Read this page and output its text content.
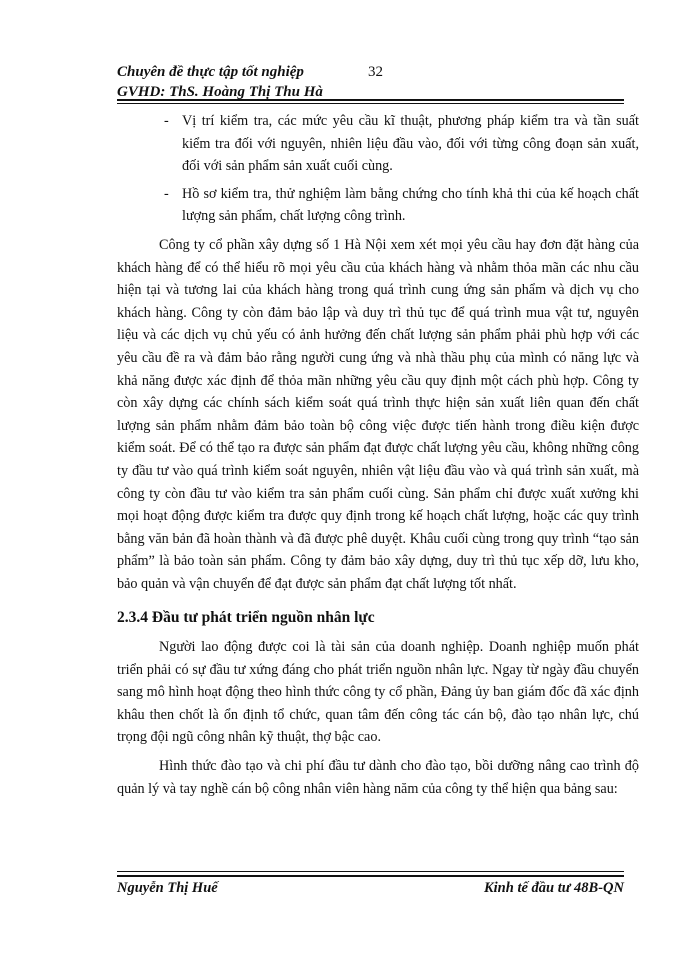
Chuyên đề thực tập tốt nghiệp	32
GVHD: ThS. Hoàng Thị Thu Hà
- Vị trí kiểm tra, các mức yêu cầu kĩ thuật, phương pháp kiểm tra và tần suất kiểm tra đối với nguyên, nhiên liệu đầu vào, đối với từng công đoạn sản xuất, đối với sản phẩm sản xuất cuối cùng.
- Hồ sơ kiểm tra, thử nghiệm làm bằng chứng cho tính khả thi của kế hoạch chất lượng sản phẩm, chất lượng công trình.

Công ty cổ phần xây dựng số 1 Hà Nội xem xét mọi yêu cầu hay đơn đặt hàng của khách hàng để có thể hiểu rõ mọi yêu cầu của khách hàng và nhằm thỏa mãn các nhu cầu hiện tại và tương lai của khách hàng trong quá trình cung ứng sản phẩm và dịch vụ cho khách hàng. Công ty còn đảm bảo lập và duy trì thủ tục để quá trình mua vật tư, nguyên liệu và các dịch vụ chủ yếu có ảnh hưởng đến chất lượng sản phẩm phải phù hợp với các yêu cầu đề ra và đảm bảo rằng người cung ứng và nhà thầu phụ của mình có năng lực và khả năng được xác định để thỏa mãn những yêu cầu quy định một cách phù hợp. Công ty còn xây dựng các chính sách kiểm soát quá trình thực hiện sản xuất liên quan đến chất lượng sản phẩm nhằm đảm bảo toàn bộ công việc được tiến hành trong điều kiện được kiểm soát. Để có thể tạo ra được sản phẩm đạt được chất lượng yêu cầu, không những công ty đầu tư vào quá trình kiểm soát nguyên, nhiên vật liệu đầu vào và quá trình sản xuất, mà công ty còn đầu tư vào kiểm tra sản phẩm cuối cùng. Sản phẩm chỉ được xuất xưởng khi mọi hoạt động được kiểm tra được quy định trong kế hoạch chất lượng, hoặc các quy trình bằng văn bản đã hoàn thành và đã được phê duyệt. Khâu cuối cùng trong quy trình “tạo sản phẩm” là bảo toàn sản phẩm. Công ty đảm bảo xây dựng, duy trì thủ tục xếp dỡ, lưu kho, bảo quản và vận chuyển để đạt được sản phẩm đạt chất lượng tốt nhất.

2.3.4 Đầu tư phát triển nguồn nhân lực

Người lao động được coi là tài sản của doanh nghiệp. Doanh nghiệp muốn phát triển phải có sự đầu tư xứng đáng cho phát triển nguồn nhân lực. Ngay từ ngày đầu chuyển sang mô hình hoạt động theo hình thức công ty cổ phần, Đảng ủy ban giám đốc đã xác định khâu then chốt là ổn định tổ chức, quan tâm đến công tác cán bộ, đào tạo nhân lực, chú trọng đội ngũ công nhân kỹ thuật, thợ bậc cao.

Hình thức đào tạo và chi phí đầu tư dành cho đào tạo, bồi dưỡng nâng cao trình độ quản lý và tay nghề cán bộ công nhân viên hàng năm của công ty thể hiện qua bảng sau:

Nguyễn Thị Huế	Kinh tế đầu tư 48B-QN
